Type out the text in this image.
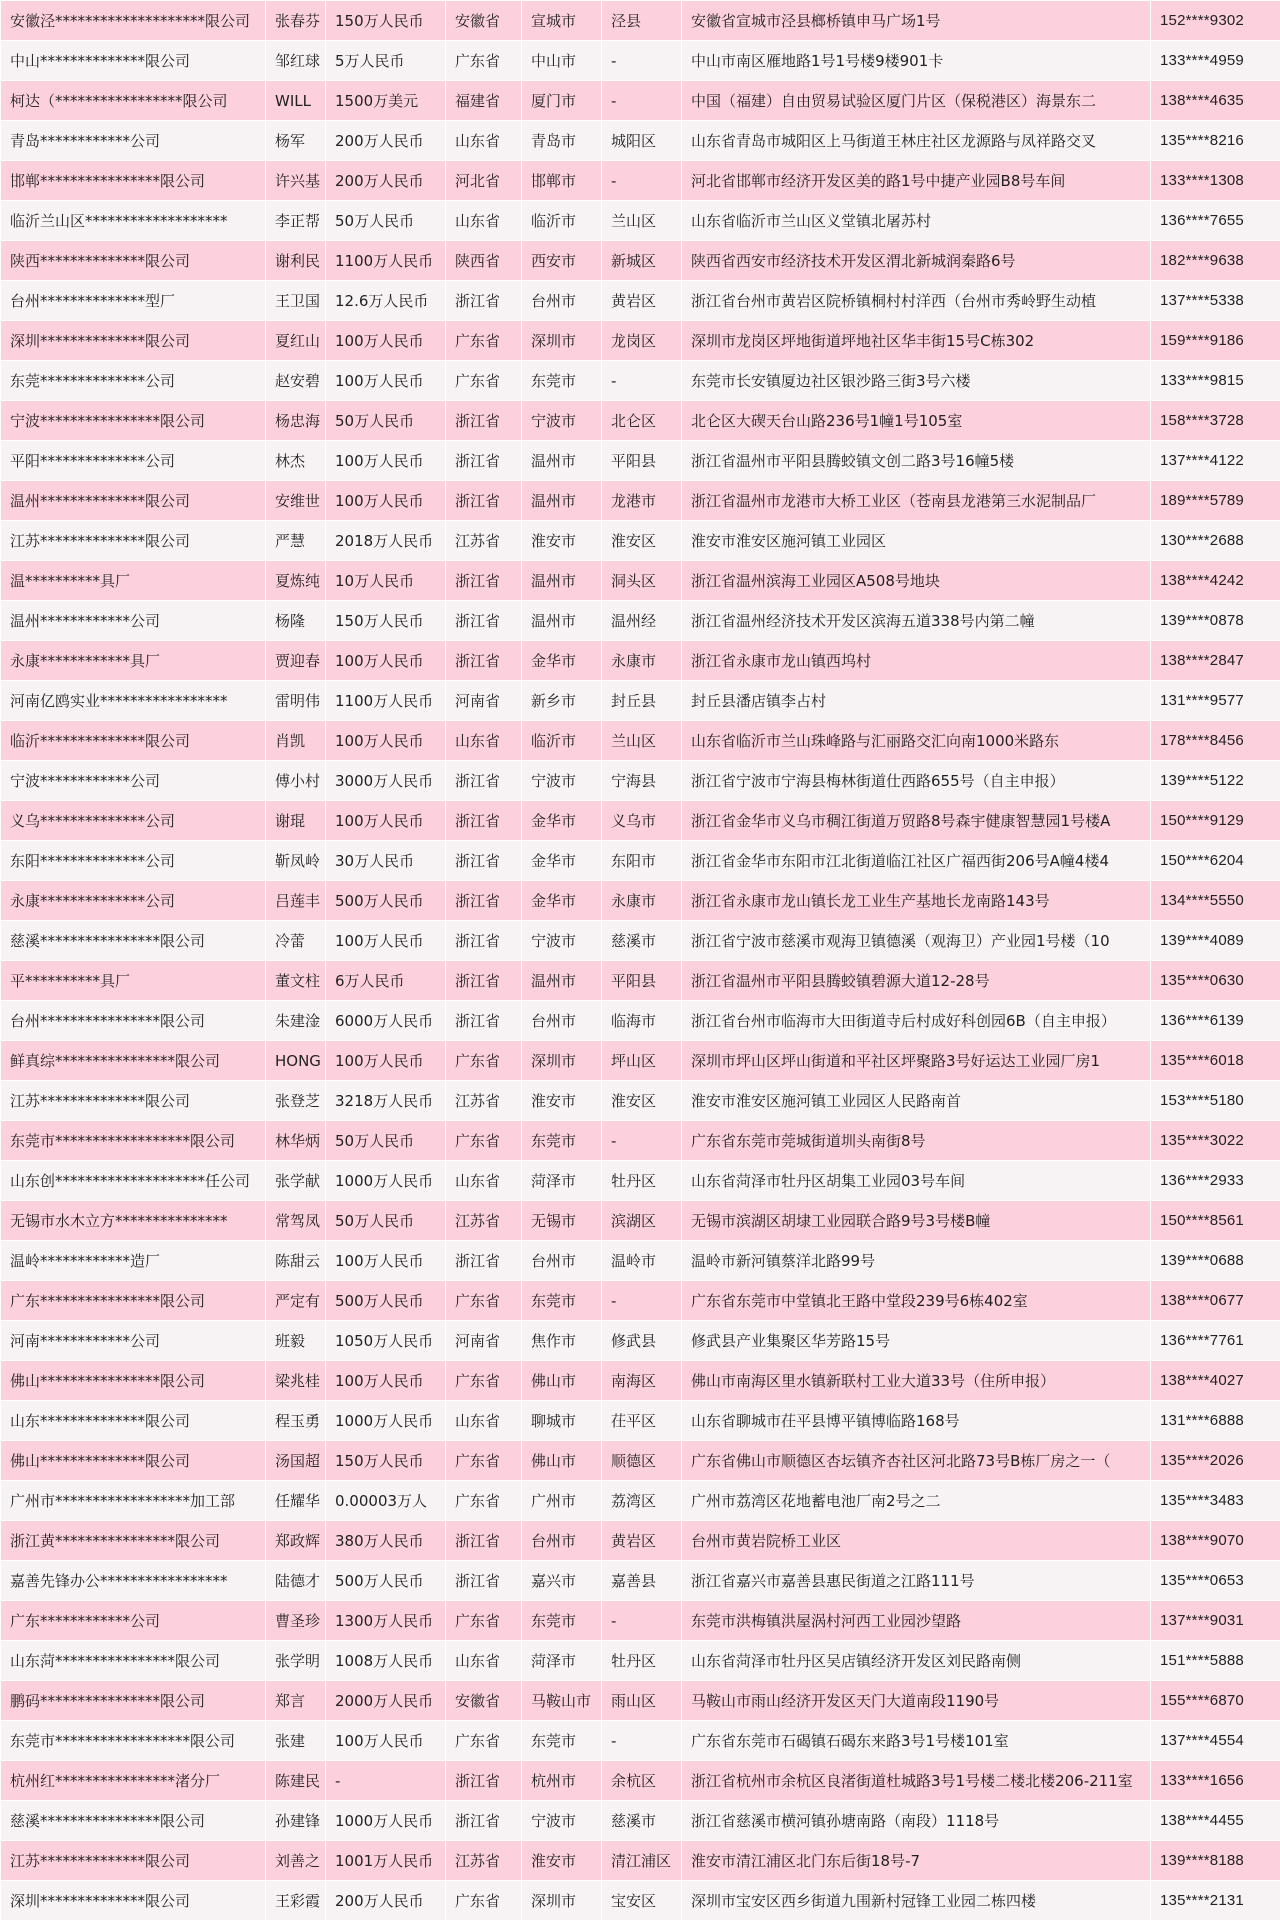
安徽泾********************限公司	张春芬	150万人民币	安徽省	宣城市	泾县	安徽省宣城市泾县榔桥镇申马广场1号	152****9302
中山**************限公司	邹红球	5万人民币	广东省	中山市	-	中山市南区雁地路1号1号楼9楼901卡	133****4959
柯达（*****************限公司	WILL	1500万美元	福建省	厦门市	-	中国（福建）自由贸易试验区厦门片区（保税港区）海景东二	138****4635
青岛************公司	杨军	200万人民币	山东省	青岛市	城阳区	山东省青岛市城阳区上马街道王林庄社区龙源路与凤祥路交叉	135****8216
邯郸****************限公司	许兴基	200万人民币	河北省	邯郸市	-	河北省邯郸市经济开发区美的路1号中捷产业园B8号车间	133****1308
临沂兰山区*******************	李正帮	50万人民币	山东省	临沂市	兰山区	山东省临沂市兰山区义堂镇北屠苏村	136****7655
陕西**************限公司	谢利民	1100万人民币	陕西省	西安市	新城区	陕西省西安市经济技术开发区渭北新城润秦路6号	182****9638
台州**************型厂	王卫国	12.6万人民币	浙江省	台州市	黄岩区	浙江省台州市黄岩区院桥镇桐村村洋西（台州市秀岭野生动植	137****5338
深圳**************限公司	夏红山	100万人民币	广东省	深圳市	龙岗区	深圳市龙岗区坪地街道坪地社区华丰街15号C栋302	159****9186
东莞**************公司	赵安碧	100万人民币	广东省	东莞市	-	东莞市长安镇厦边社区银沙路三街3号六楼	133****9815
宁波****************限公司	杨忠海	50万人民币	浙江省	宁波市	北仑区	北仑区大碶天台山路236号1幢1号105室	158****3728
平阳**************公司	林杰	100万人民币	浙江省	温州市	平阳县	浙江省温州市平阳县腾蛟镇文创二路3号16幢5楼	137****4122
温州**************限公司	安维世	100万人民币	浙江省	温州市	龙港市	浙江省温州市龙港市大桥工业区（苍南县龙港第三水泥制品厂	189****5789
江苏**************限公司	严慧	2018万人民币	江苏省	淮安市	淮安区	淮安市淮安区施河镇工业园区	130****2688
温**********具厂	夏炼纯	10万人民币	浙江省	温州市	洞头区	浙江省温州滨海工业园区A508号地块	138****4242
温州************公司	杨隆	150万人民币	浙江省	温州市	温州经	浙江省温州经济技术开发区滨海五道338号内第二幢	139****0878
永康************具厂	贾迎春	100万人民币	浙江省	金华市	永康市	浙江省永康市龙山镇西坞村	138****2847
河南亿鸥实业*****************	雷明伟	1100万人民币	河南省	新乡市	封丘县	封丘县潘店镇李占村	131****9577
临沂**************限公司	肖凯	100万人民币	山东省	临沂市	兰山区	山东省临沂市兰山珠峰路与汇丽路交汇向南1000米路东	178****8456
宁波************公司	傅小村	3000万人民币	浙江省	宁波市	宁海县	浙江省宁波市宁海县梅林街道仕西路655号（自主申报）	139****5122
义乌**************公司	谢琨	100万人民币	浙江省	金华市	义乌市	浙江省金华市义乌市稠江街道万贸路8号森宇健康智慧园1号楼A	150****9129
东阳**************公司	靳凤岭	30万人民币	浙江省	金华市	东阳市	浙江省金华市东阳市江北街道临江社区广福西街206号A幢4楼4	150****6204
永康**************公司	吕莲丰	500万人民币	浙江省	金华市	永康市	浙江省永康市龙山镇长龙工业生产基地长龙南路143号	134****5550
慈溪****************限公司	冷蕾	100万人民币	浙江省	宁波市	慈溪市	浙江省宁波市慈溪市观海卫镇德溪（观海卫）产业园1号楼（10	139****4089
平**********具厂	董文柱	6万人民币	浙江省	温州市	平阳县	浙江省温州市平阳县腾蛟镇碧源大道12-28号	135****0630
台州****************限公司	朱建淦	6000万人民币	浙江省	台州市	临海市	浙江省台州市临海市大田街道寺后村成好科创园6B（自主申报）	136****6139
鲜真综****************限公司	HONG	100万人民币	广东省	深圳市	坪山区	深圳市坪山区坪山街道和平社区坪聚路3号好运达工业园厂房1	135****6018
江苏**************限公司	张登芝	3218万人民币	江苏省	淮安市	淮安区	淮安市淮安区施河镇工业园区人民路南首	153****5180
东莞市******************限公司	林华炳	50万人民币	广东省	东莞市	-	广东省东莞市莞城街道圳头南街8号	135****3022
山东创********************任公司	张学献	1000万人民币	山东省	菏泽市	牡丹区	山东省菏泽市牡丹区胡集工业园03号车间	136****2933
无锡市水木立方***************	常驾凤	50万人民币	江苏省	无锡市	滨湖区	无锡市滨湖区胡埭工业园联合路9号3号楼B幢	150****8561
温岭************造厂	陈甜云	100万人民币	浙江省	台州市	温岭市	温岭市新河镇蔡洋北路99号	139****0688
广东****************限公司	严定有	500万人民币	广东省	东莞市	-	广东省东莞市中堂镇北王路中堂段239号6栋402室	138****0677
河南************公司	班毅	1050万人民币	河南省	焦作市	修武县	修武县产业集聚区华芳路15号	136****7761
佛山****************限公司	梁兆桂	100万人民币	广东省	佛山市	南海区	佛山市南海区里水镇新联村工业大道33号（住所申报）	138****4027
山东**************限公司	程玉勇	1000万人民币	山东省	聊城市	茌平区	山东省聊城市茌平县博平镇博临路168号	131****6888
佛山**************限公司	汤国超	150万人民币	广东省	佛山市	顺德区	广东省佛山市顺德区杏坛镇齐杏社区河北路73号B栋厂房之一（	135****2026
广州市******************加工部	任耀华	0.00003万人	广东省	广州市	荔湾区	广州市荔湾区花地蓄电池厂南2号之二	135****3483
浙江黄****************限公司	郑政辉	380万人民币	浙江省	台州市	黄岩区	台州市黄岩院桥工业区	138****9070
嘉善先锋办公*****************	陆德才	500万人民币	浙江省	嘉兴市	嘉善县	浙江省嘉兴市嘉善县惠民街道之江路111号	135****0653
广东************公司	曹圣珍	1300万人民币	广东省	东莞市	-	东莞市洪梅镇洪屋涡村河西工业园沙望路	137****9031
山东菏****************限公司	张学明	1008万人民币	山东省	菏泽市	牡丹区	山东省菏泽市牡丹区吴店镇经济开发区刘民路南侧	151****5888
鹏码****************限公司	郑言	2000万人民币	安徽省	马鞍山市	雨山区	马鞍山市雨山经济开发区天门大道南段1190号	155****6870
东莞市******************限公司	张建	100万人民币	广东省	东莞市	-	广东省东莞市石碣镇石碣东来路3号1号楼101室	137****4554
杭州红****************渚分厂	陈建民	-	浙江省	杭州市	余杭区	浙江省杭州市余杭区良渚街道杜城路3号1号楼二楼北楼206-211室	133****1656
慈溪****************限公司	孙建锋	1000万人民币	浙江省	宁波市	慈溪市	浙江省慈溪市横河镇孙塘南路（南段）1118号	138****4455
江苏**************限公司	刘善之	1001万人民币	江苏省	淮安市	清江浦区	淮安市清江浦区北门东后街18号-7	139****8188
深圳**************限公司	王彩霞	200万人民币	广东省	深圳市	宝安区	深圳市宝安区西乡街道九围新村冠锋工业园二栋四楼	135****2131
